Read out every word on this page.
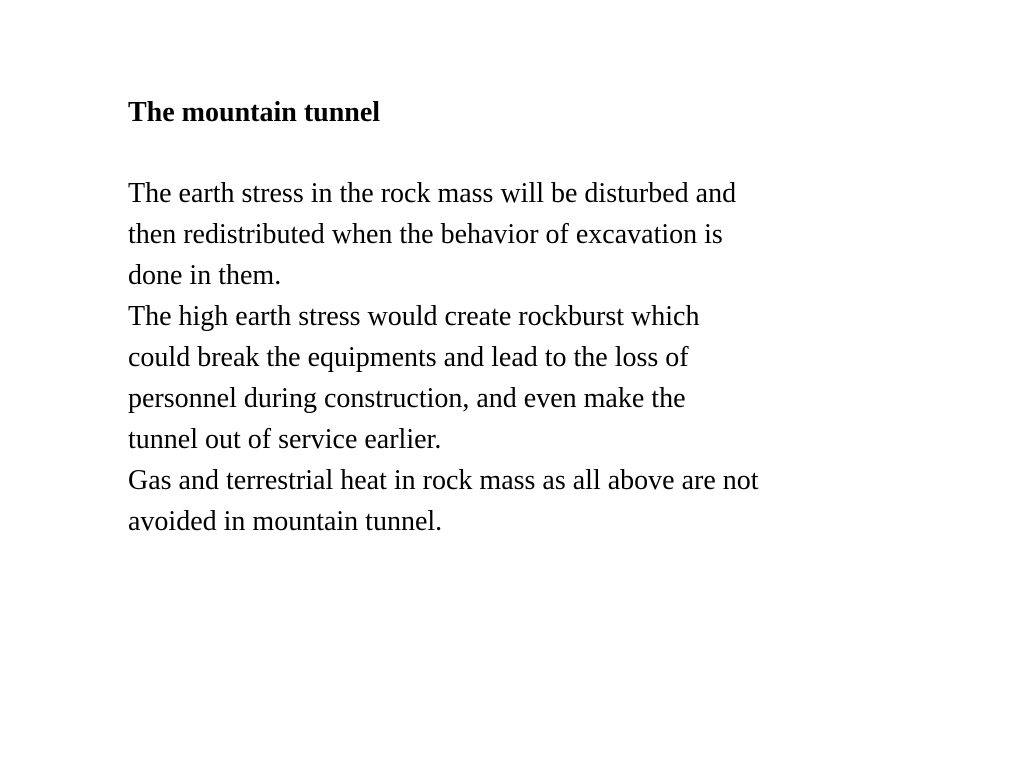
The mountain tunnel

The earth stress in the rock mass will be disturbed and
then redistributed when the behavior of excavation is
done in them.

The high earth stress would create rockburst which
could break the equipments and lead to the loss of
personnel during construction, and even make the
tunnel out of service earlier.

Gas and terrestrial heat in rock mass as all above are not
avoided in mountain tunnel.
